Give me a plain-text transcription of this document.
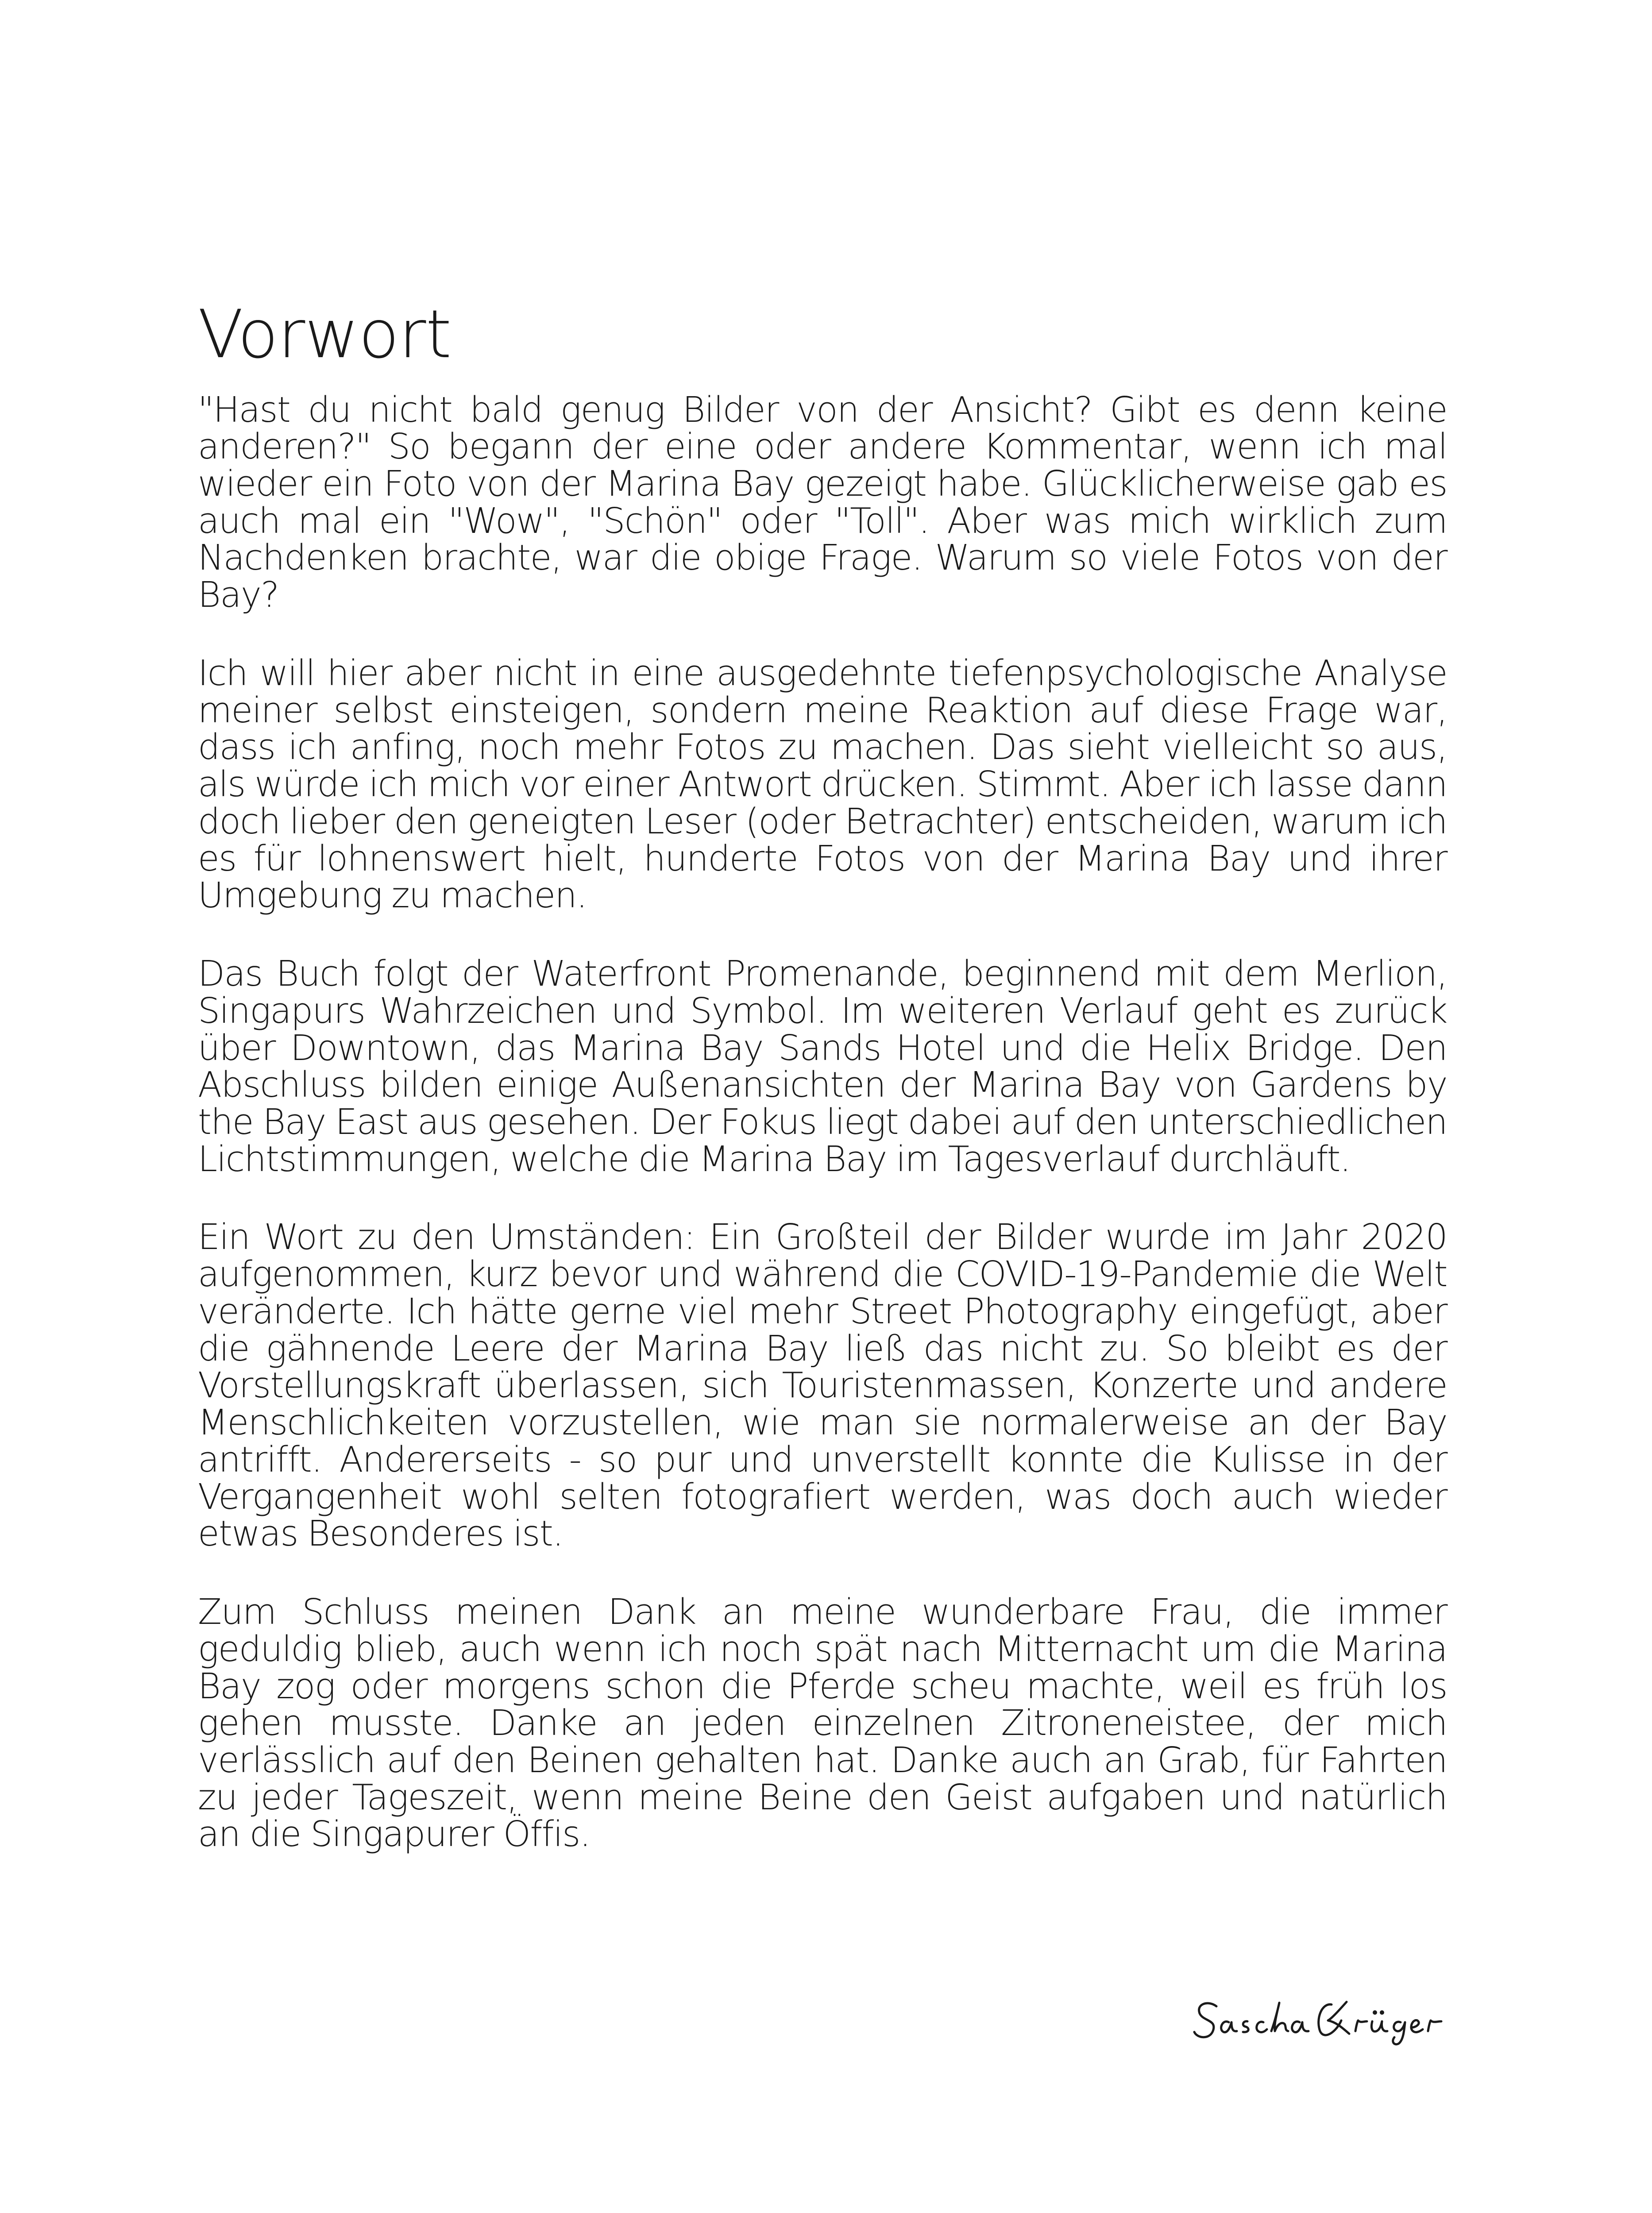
Vorwort

"Hast du nicht bald genug Bilder von der Ansicht? Gibt es denn keine anderen?" So begann der eine oder andere Kommentar, wenn ich mal wieder ein Foto von der Marina Bay gezeigt habe. Glücklicherweise gab es auch mal ein "Wow", "Schön" oder "Toll". Aber was mich wirklich zum Nachdenken brachte, war die obige Frage. Warum so viele Fotos von der Bay?

Ich will hier aber nicht in eine ausgedehnte tiefenpsychologische Analyse meiner selbst einsteigen, sondern meine Reaktion auf diese Frage war, dass ich anfing, noch mehr Fotos zu machen. Das sieht vielleicht so aus, als würde ich mich vor einer Antwort drücken. Stimmt. Aber ich lasse dann doch lieber den geneigten Leser (oder Betrachter) entscheiden, warum ich es für lohnenswert hielt, hunderte Fotos von der Marina Bay und ihrer Umgebung zu machen.

Das Buch folgt der Waterfront Promenande, beginnend mit dem Merlion, Singapurs Wahrzeichen und Symbol. Im weiteren Verlauf geht es zurück über Downtown, das Marina Bay Sands Hotel und die Helix Bridge. Den Abschluss bilden einige Außenansichten der Marina Bay von Gardens by the Bay East aus gesehen. Der Fokus liegt dabei auf den unterschiedlichen Lichtstimmungen, welche die Marina Bay im Tagesverlauf durchläuft.

Ein Wort zu den Umständen: Ein Großteil der Bilder wurde im Jahr 2020 aufgenommen, kurz bevor und während die COVID-19-Pandemie die Welt veränderte. Ich hätte gerne viel mehr Street Photography eingefügt, aber die gähnende Leere der Marina Bay ließ das nicht zu. So bleibt es der Vorstellungskraft überlassen, sich Touristenmassen, Konzerte und andere Menschlichkeiten vorzustellen, wie man sie normalerweise an der Bay antrifft. Andererseits - so pur und unverstellt konnte die Kulisse in der Vergangenheit wohl selten fotografiert werden, was doch auch wieder etwas Besonderes ist.

Zum Schluss meinen Dank an meine wunderbare Frau, die immer geduldig blieb, auch wenn ich noch spät nach Mitternacht um die Marina Bay zog oder morgens schon die Pferde scheu machte, weil es früh los gehen musste. Danke an jeden einzelnen Zitroneneistee, der mich verlässlich auf den Beinen gehalten hat. Danke auch an Grab, für Fahrten zu jeder Tageszeit, wenn meine Beine den Geist aufgaben und natürlich an die Singapurer Öffis.
